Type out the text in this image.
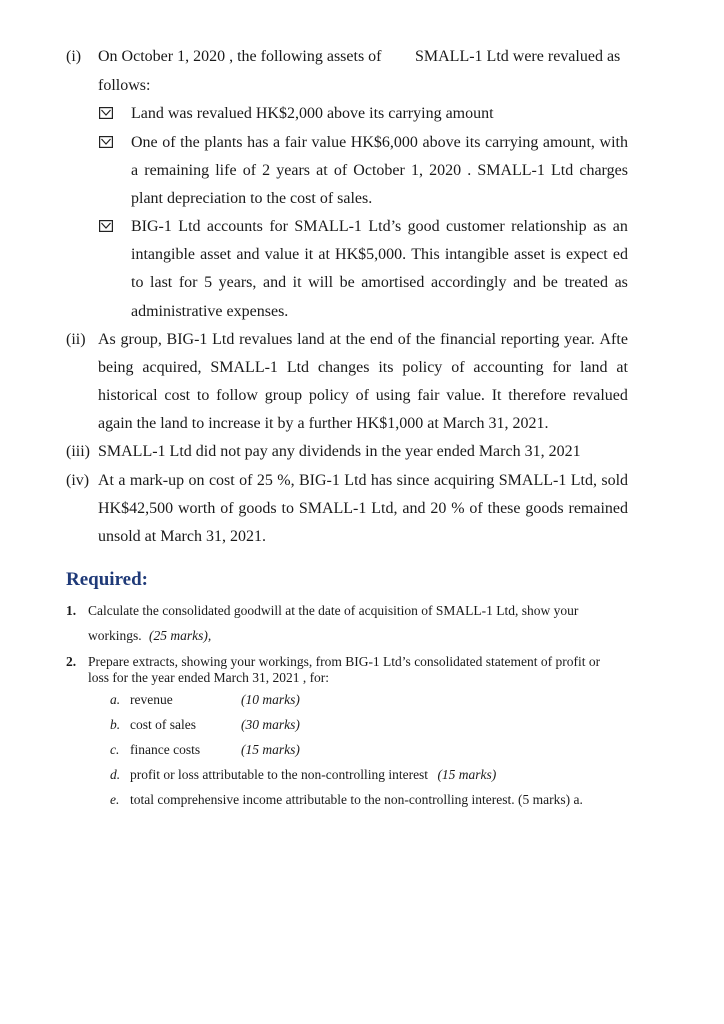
(i) On October 1, 2020 , the following assets of SMALL-1 Ltd were revalued as
follows:
Land was revalued HK$2,000 above its carrying amount
One of the plants has a fair value HK$6,000 above its carrying amount, with
a remaining life of 2 years at of October 1, 2020 . SMALL-1 Ltd charges
plant depreciation to the cost of sales.
BIG-1 Ltd accounts for SMALL-1 Ltd’s good customer relationship as an
intangible asset and value it at HK$5,000. This intangible asset is expect ed
to last for 5 years, and it will be amortised accordingly and be treated as
administrative expenses.
(ii) As group, BIG-1 Ltd revalues land at the end of the financial reporting year. Afte
being acquired, SMALL-1 Ltd changes its policy of accounting for land at
historical cost to follow group policy of using fair value. It therefore revalued
again the land to increase it by a further HK$1,000 at March 31, 2021.
(iii) SMALL-1 Ltd did not pay any dividends in the year ended March 31, 2021
(iv) At a mark-up on cost of 25 %, BIG-1 Ltd has since acquiring SMALL-1 Ltd, sold
HK$42,500 worth of goods to SMALL-1 Ltd, and 20 % of these goods remained
unsold at March 31, 2021.
Required:
1. Calculate the consolidated goodwill at the date of acquisition of SMALL-1 Ltd, show your
workings. (25 marks),
2. Prepare extracts, showing your workings, from BIG-1 Ltd’s consolidated statement of profit or
loss for the year ended March 31, 2021 , for:
a. revenue	(10 marks)
b. cost of sales	(30 marks)
c. finance costs	(15 marks)
d. profit or loss attributable to the non-controlling interest (15 marks)
e. total comprehensive income attributable to the non-controlling interest. (5 marks) a.
